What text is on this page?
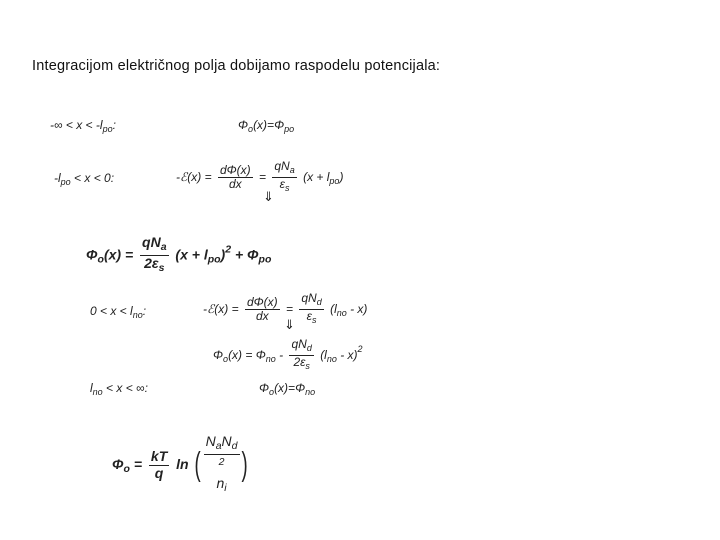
Integracijom električnog polja dobijamo raspodelu potencijala:
-∞ < $x < -l_{po}$:	$\Phi_o(x)=\Phi_{po}$
$-l_{po} < x < 0$:	-ℰ(x) = $\frac{d\Phi(x)}{dx} = \frac{qN_a}{\varepsilon_s} (x + l_{po})$
⇓
$\Phi_o(x) = \frac{qN_a}{2\varepsilon_s} (x + l_{po})^2 + \Phi_{po}$
$0 < x < l_{no}$:	-ℰ(x) = $\frac{d\Phi(x)}{dx} = \frac{qN_d}{\varepsilon_s} (l_{no} - x)$
⇓
$\Phi_o(x) = \Phi_{no} - \frac{qN_d}{2\varepsilon_s} (l_{no} - x)^2$
$l_{no} < x$ < ∞:	$\Phi_o(x)=\Phi_{no}$
$\Phi_o = \frac{kT}{q}$ ln (
$N_aN_d$
$^2$
$n_i$
)
